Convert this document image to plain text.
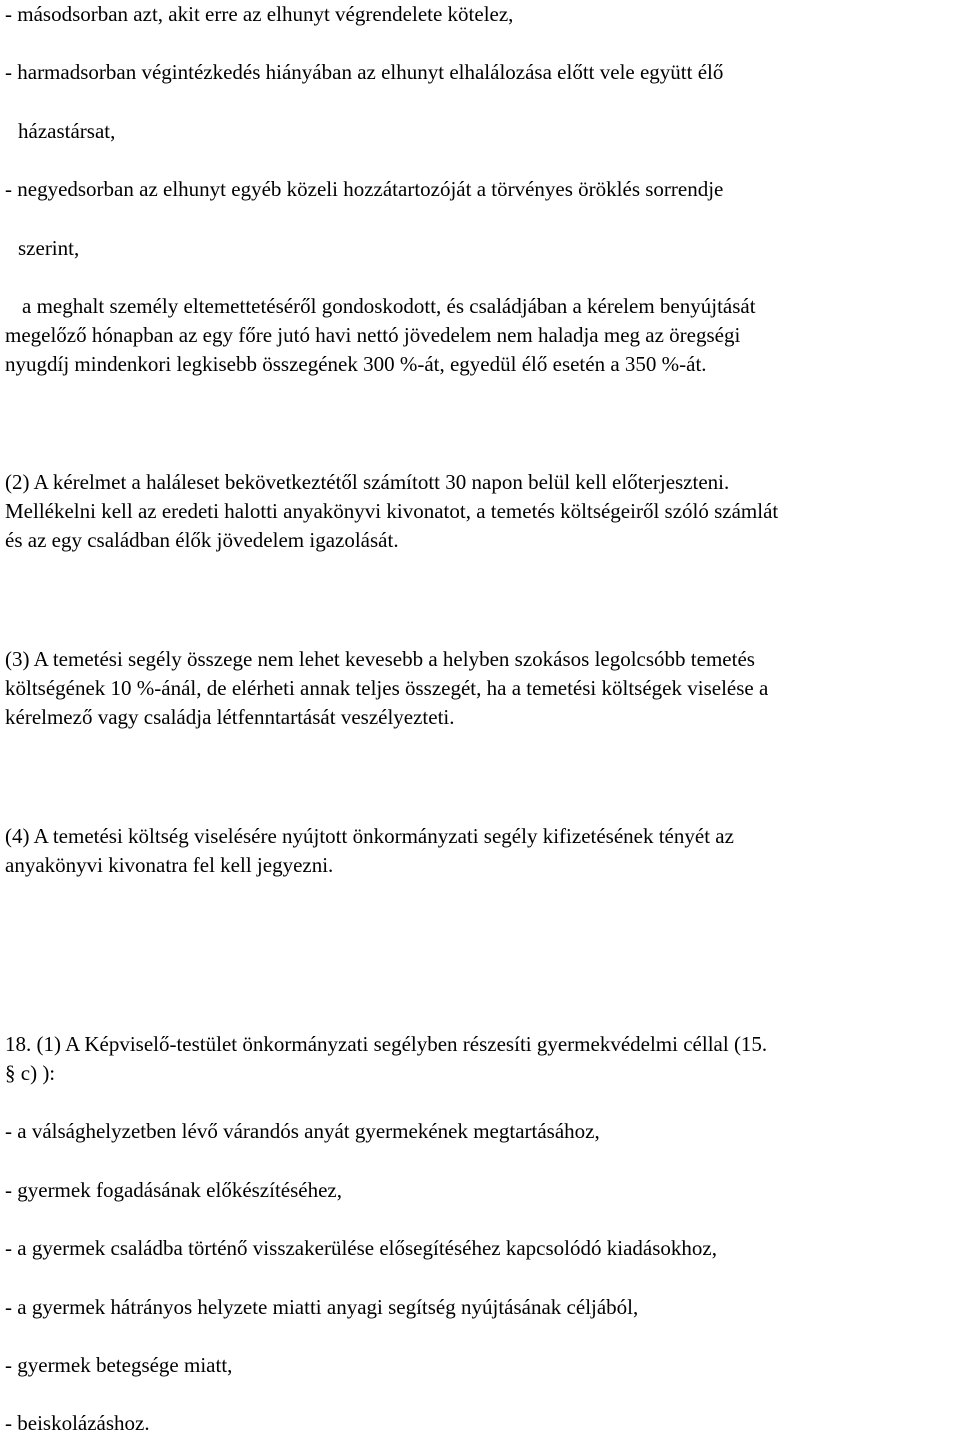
- másodsorban azt, akit erre az elhunyt végrendelete kötelez,
- harmadsorban végintézkedés hiányában az elhunyt elhalálozása előtt vele együtt élő
házastársat,
- negyedsorban az elhunyt egyéb közeli hozzátartozóját a törvényes öröklés sorrendje
szerint,
a meghalt személy eltemettetéséről gondoskodott, és családjában a kérelem benyújtását
megelőző hónapban az egy főre jutó havi nettó jövedelem nem haladja meg az öregségi
nyugdíj mindenkori legkisebb összegének 300 %-át, egyedül élő esetén a 350 %-át.
(2) A kérelmet a haláleset bekövetkeztétől számított 30 napon belül kell előterjeszteni.
Mellékelni kell az eredeti halotti anyakönyvi kivonatot, a temetés költségeiről szóló számlát
és az egy családban élők jövedelem igazolását.
(3) A temetési segély összege nem lehet kevesebb a helyben szokásos legolcsóbb temetés
költségének 10 %-ánál, de elérheti annak teljes összegét, ha a temetési költségek viselése a
kérelmező vagy családja létfenntartását veszélyezteti.
(4) A temetési költség viselésére nyújtott önkormányzati segély kifizetésének tényét az
anyakönyvi kivonatra fel kell jegyezni.
18. (1) A Képviselő-testület önkormányzati segélyben részesíti gyermekvédelmi céllal (15.
§ c) ):
- a válsághelyzetben lévő várandós anyát gyermekének megtartásához,
- gyermek fogadásának előkészítéséhez,
- a gyermek családba történő visszakerülése elősegítéséhez kapcsolódó kiadásokhoz,
- a gyermek hátrányos helyzete miatti anyagi segítség nyújtásának céljából,
- gyermek betegsége miatt,
- beiskolázáshoz.
